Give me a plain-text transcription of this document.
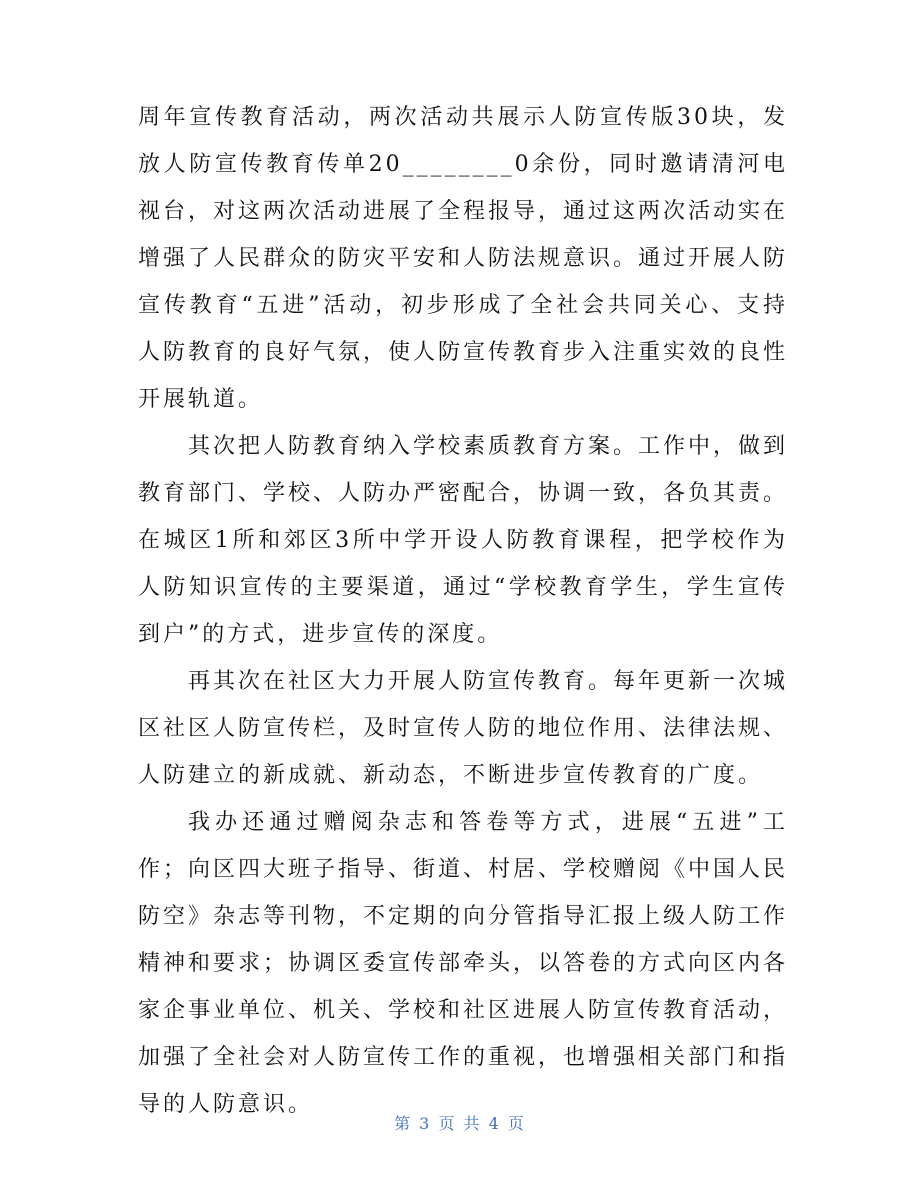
周年宣传教育活动，两次活动共展示人防宣传版30块，发放人防宣传教育传单20________0余份，同时邀请清河电视台，对这两次活动进展了全程报导，通过这两次活动实在增强了人民群众的防灾平安和人防法规意识。通过开展人防宣传教育“五进”活动，初步形成了全社会共同关心、支持人防教育的良好气氛，使人防宣传教育步入注重实效的良性开展轨道。

其次把人防教育纳入学校素质教育方案。工作中，做到教育部门、学校、人防办严密配合，协调一致，各负其责。在城区1所和郊区3所中学开设人防教育课程，把学校作为人防知识宣传的主要渠道，通过“学校教育学生，学生宣传到户”的方式，进步宣传的深度。

再其次在社区大力开展人防宣传教育。每年更新一次城区社区人防宣传栏，及时宣传人防的地位作用、法律法规、人防建立的新成就、新动态，不断进步宣传教育的广度。

我办还通过赠阅杂志和答卷等方式，进展“五进”工作；向区四大班子指导、街道、村居、学校赠阅《中国人民防空》杂志等刊物，不定期的向分管指导汇报上级人防工作精神和要求；协调区委宣传部牵头，以答卷的方式向区内各家企事业单位、机关、学校和社区进展人防宣传教育活动，加强了全社会对人防宣传工作的重视，也增强相关部门和指导的人防意识。

第 3 页 共 4 页
